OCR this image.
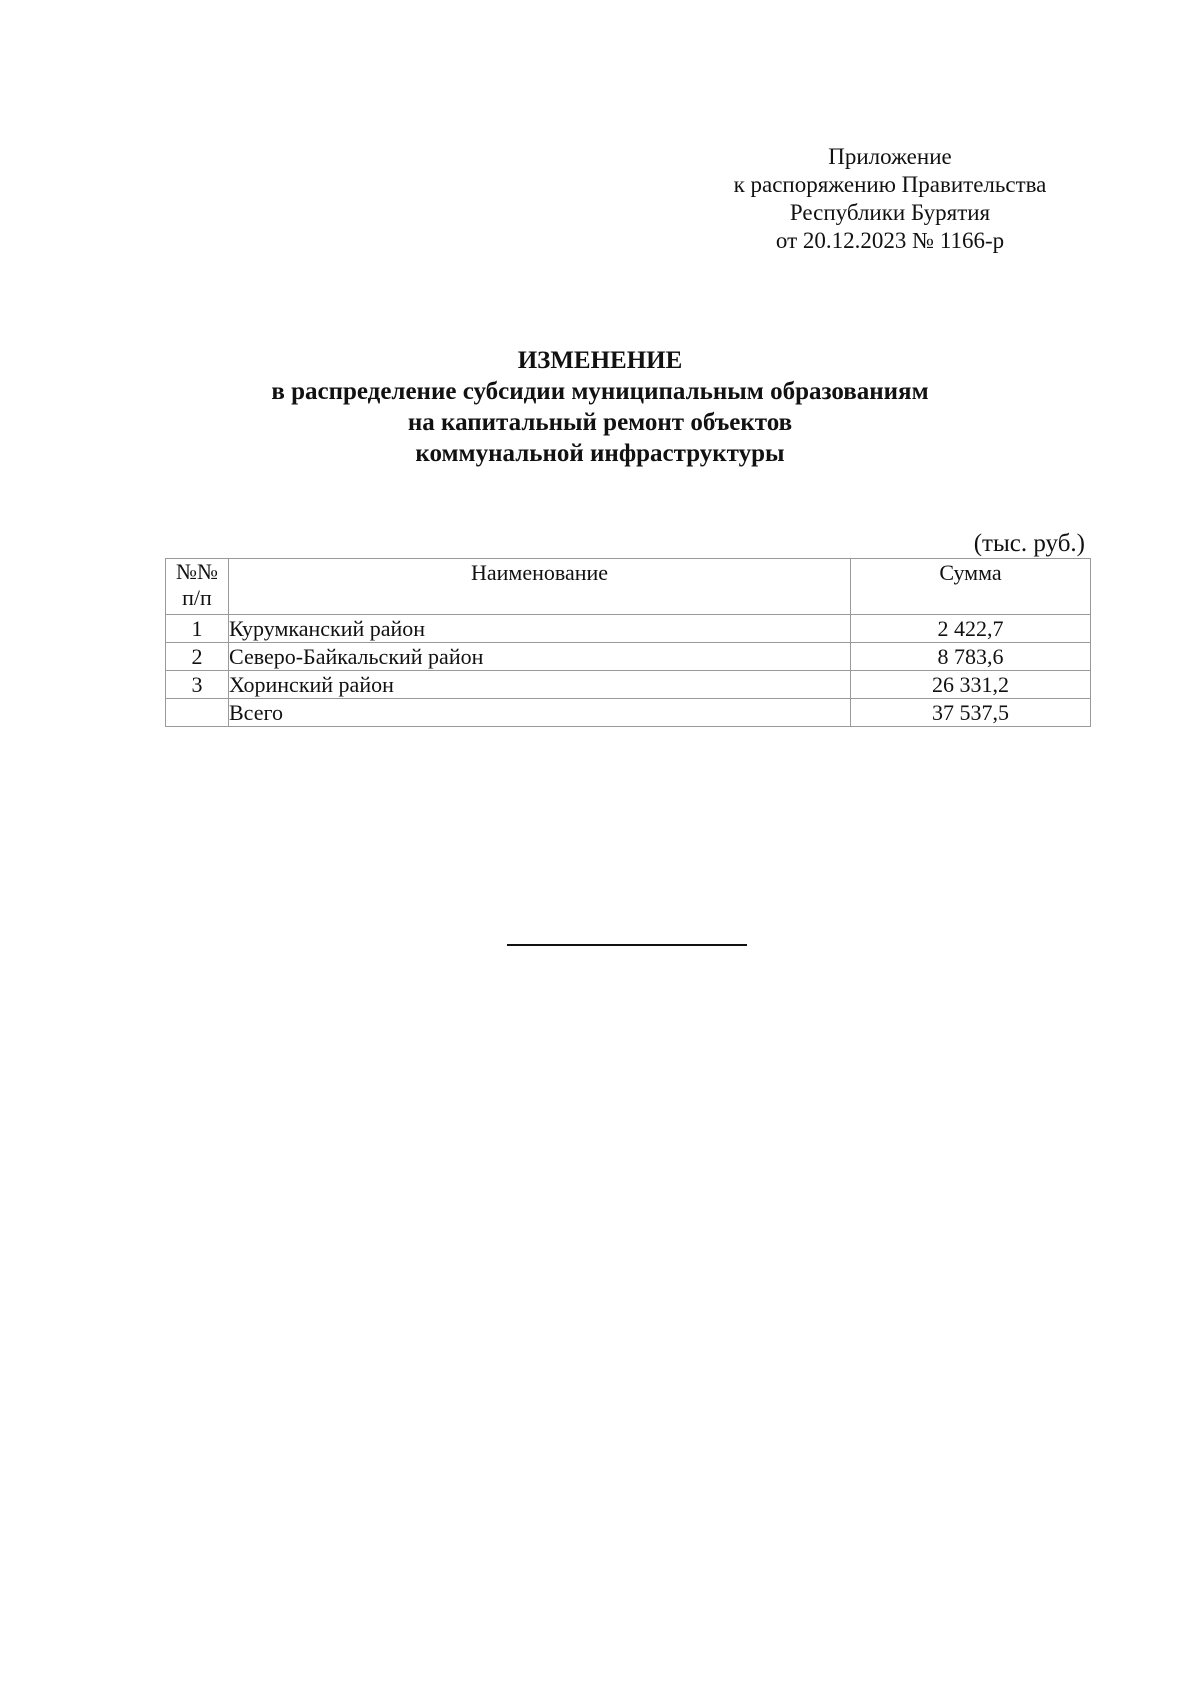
Приложение
к распоряжению Правительства
Республики Бурятия
от 20.12.2023 № 1166-р
ИЗМЕНЕНИЕ
в распределение субсидии муниципальным образованиям
на капитальный ремонт объектов
коммунальной инфраструктуры
(тыс. руб.)
№№
п/п	Наименование	Сумма
1	Курумканский район	2 422,7
2	Северо-Байкальский район	8 783,6
3	Хоринский район	26 331,2
	Всего	37 537,5
